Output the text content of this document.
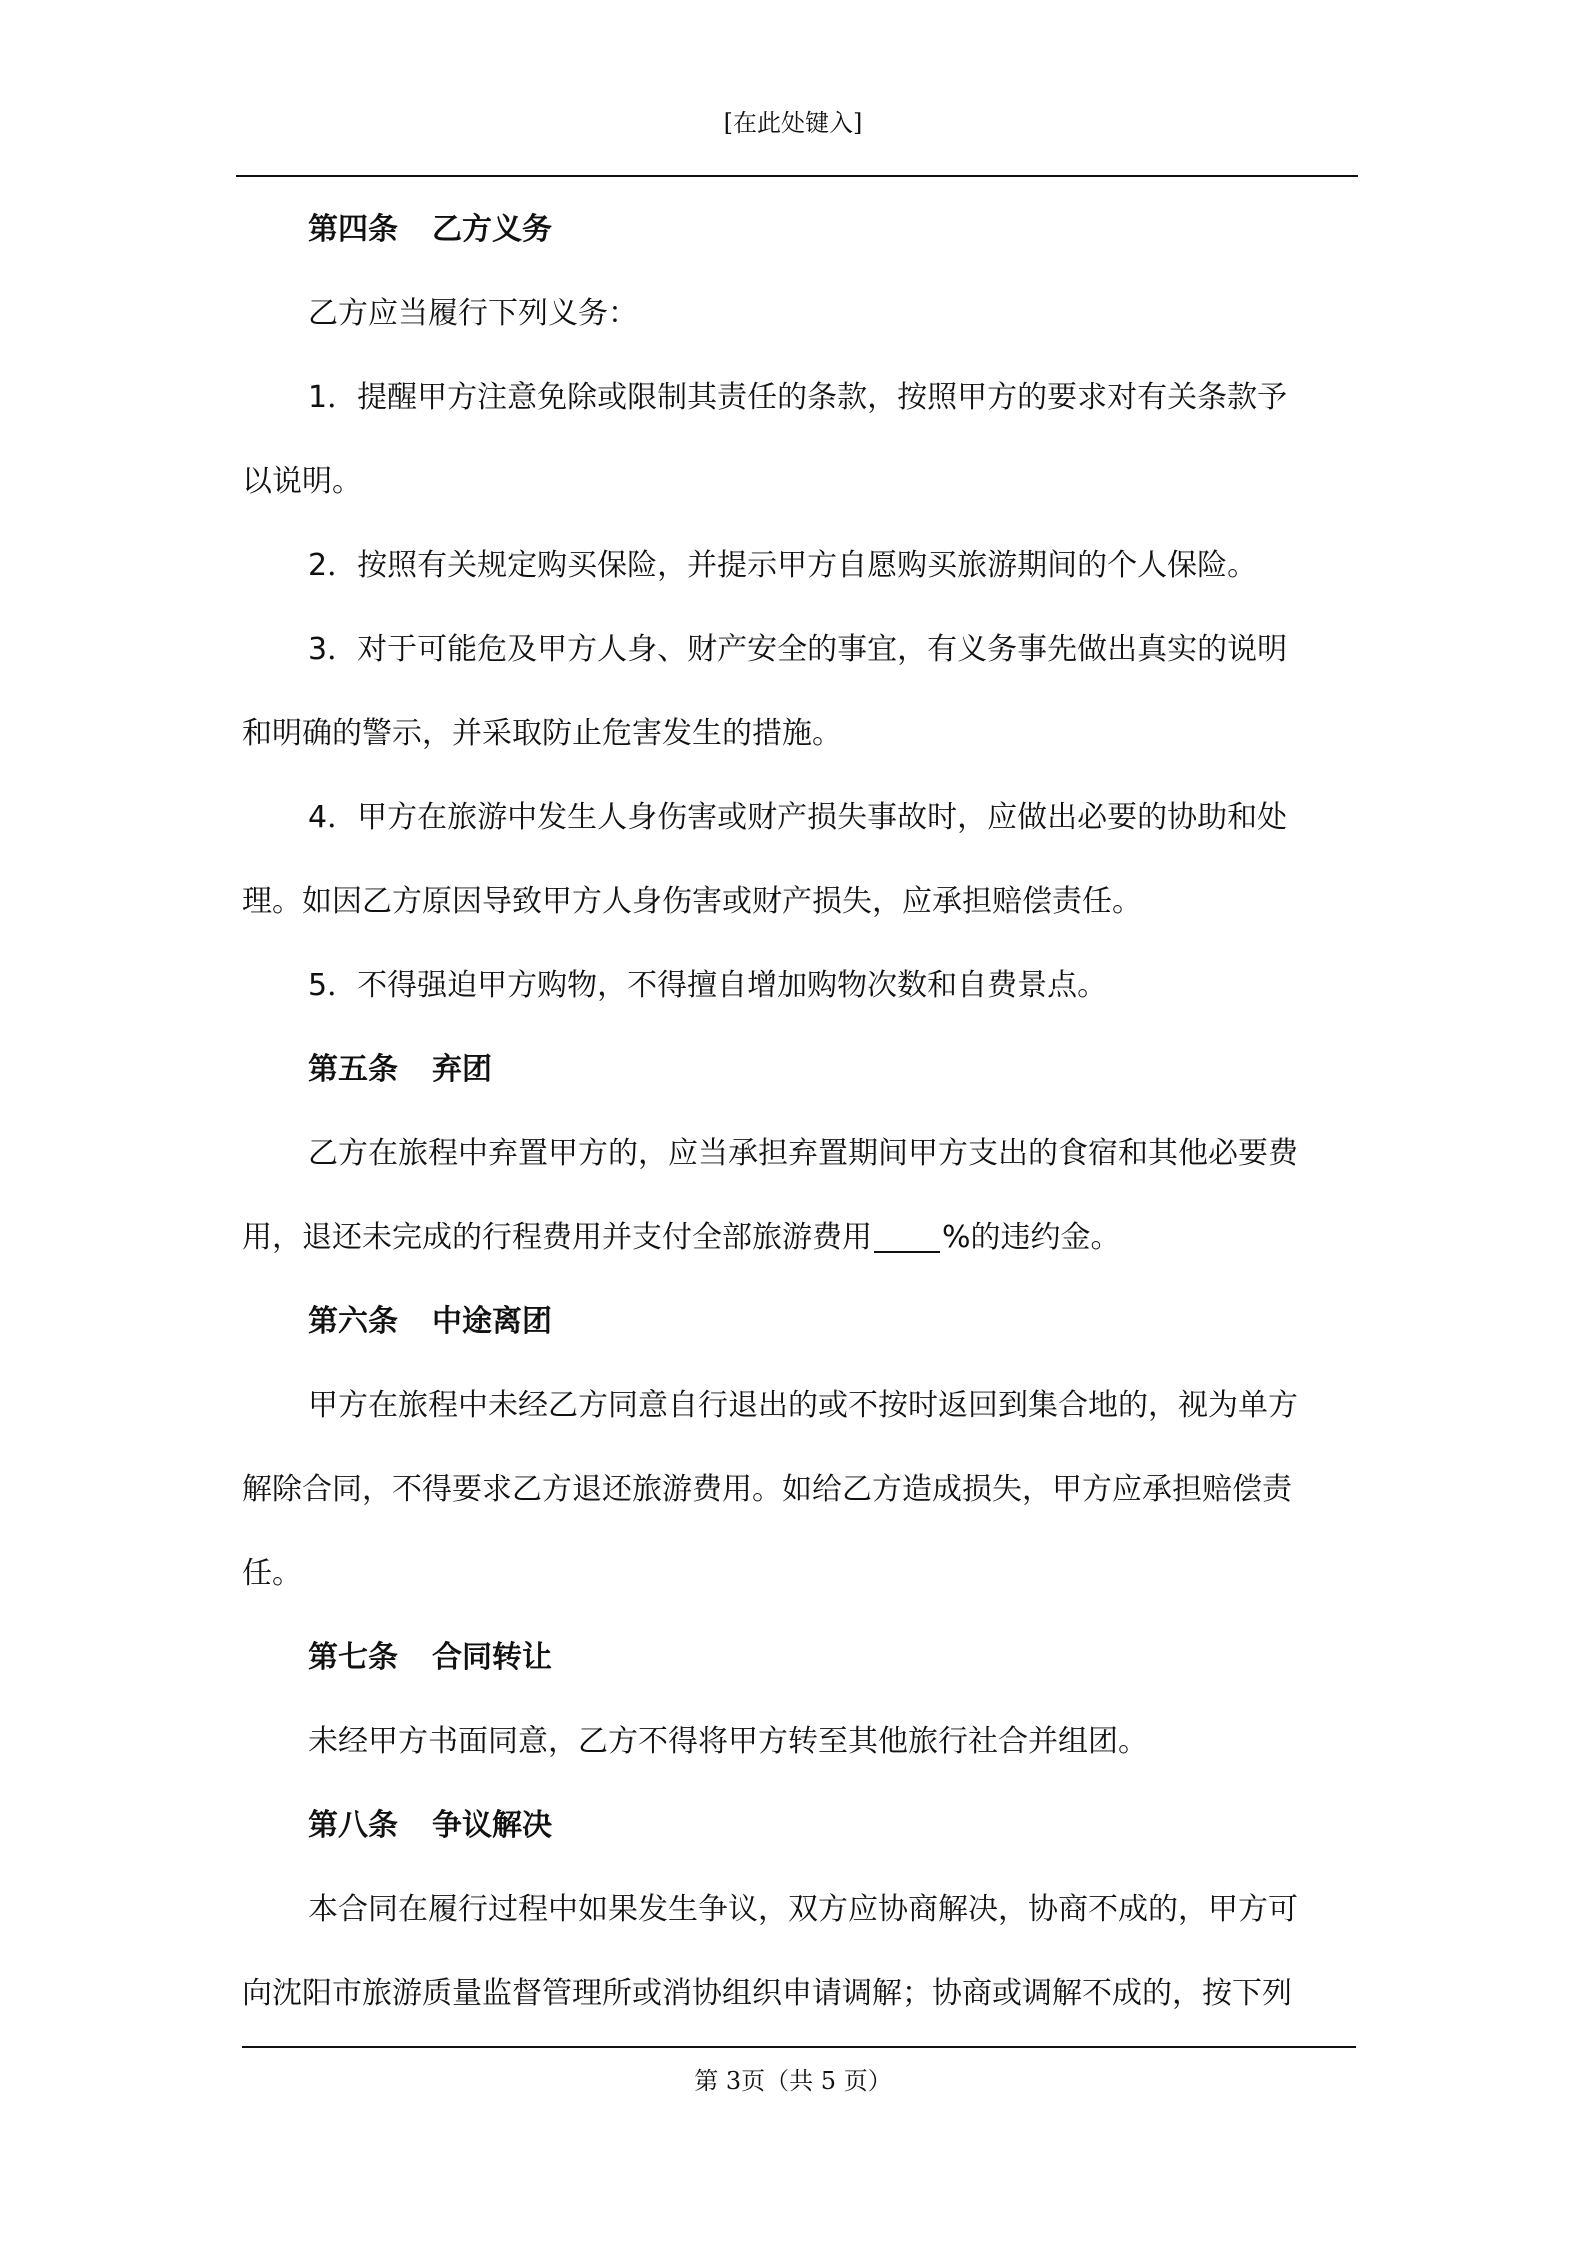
[在此处键入]
第四条 乙方义务
乙方应当履行下列义务：
1．提醒甲方注意免除或限制其责任的条款，按照甲方的要求对有关条款予
以说明。
2．按照有关规定购买保险，并提示甲方自愿购买旅游期间的个人保险。
3．对于可能危及甲方人身、财产安全的事宜，有义务事先做出真实的说明
和明确的警示，并采取防止危害发生的措施。
4．甲方在旅游中发生人身伤害或财产损失事故时，应做出必要的协助和处
理。如因乙方原因导致甲方人身伤害或财产损失，应承担赔偿责任。
5．不得强迫甲方购物，不得擅自增加购物次数和自费景点。
第五条 弃团
乙方在旅程中弃置甲方的，应当承担弃置期间甲方支出的食宿和其他必要费
用，退还未完成的行程费用并支付全部旅游费用 %的违约金。
第六条 中途离团
甲方在旅程中未经乙方同意自行退出的或不按时返回到集合地的，视为单方
解除合同，不得要求乙方退还旅游费用。如给乙方造成损失，甲方应承担赔偿责
任。
第七条 合同转让
未经甲方书面同意，乙方不得将甲方转至其他旅行社合并组团。
第八条 争议解决
本合同在履行过程中如果发生争议，双方应协商解决，协商不成的，甲方可
向沈阳市旅游质量监督管理所或消协组织申请调解；协商或调解不成的，按下列
第 3页（共 5 页）
